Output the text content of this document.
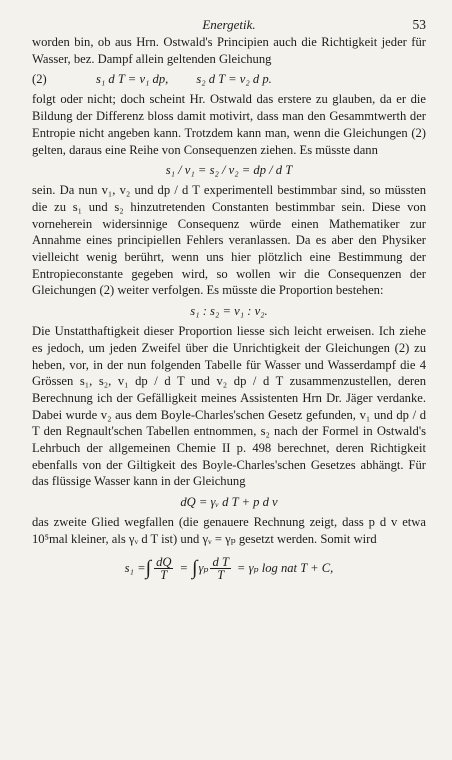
Energetik.	53

worden bin, ob aus Hrn. Ostwald's Principien auch die Richtigkeit jeder für Wasser, bez. Dampf allein geltenden Gleichung

(2)	s₁ d T = v₁ dp, s₂ d T = v₂ d p.

folgt oder nicht; doch scheint Hr. Ostwald das erstere zu glauben, da er die Bildung der Differenz bloss damit motivirt, dass man den Gesammtwerth der Entropie nicht angeben kann. Trotzdem kann man, wenn die Gleichungen (2) gelten, daraus eine Reihe von Consequenzen ziehen. Es müsste dann

s₁ / v₁ = s₂ / v₂ = dp / d T

sein. Da nun v₁, v₂ und dp / d T experimentell bestimmbar sind, so müssten die zu s₁ und s₂ hinzutretenden Constanten bestimmbar sein. Diese von vorneherein widersinnige Consequenz würde einen Mathematiker zur Annahme eines principiellen Fehlers veranlassen. Da es aber den Physiker vielleicht wenig berührt, wenn uns hier plötzlich eine Bestimmung der Entropieconstante gegeben wird, so wollen wir die Consequenzen der Gleichungen (2) weiter verfolgen. Es müsste die Proportion bestehen:

s₁ : s₂ = v₁ : v₂.

Die Unstatthaftigkeit dieser Proportion liesse sich leicht erweisen. Ich ziehe es jedoch, um jeden Zweifel über die Unrichtigkeit der Gleichungen (2) zu heben, vor, in der nun folgenden Tabelle für Wasser und Wasserdampf die 4 Grössen s₁, s₂, v₁ dp / d T und v₂ dp / d T zusammenzustellen, deren Berechnung ich der Gefälligkeit meines Assistenten Hrn Dr. Jäger verdanke. Dabei wurde v₂ aus dem Boyle-Charles'schen Gesetz gefunden, v₁ und dp / d T den Regnault'schen Tabellen entnommen, s₂ nach der Formel in Ostwald's Lehrbuch der allgemeinen Chemie II p. 498 berechnet, deren Richtigkeit ebenfalls von der Giltigkeit des Boyle-Charles'schen Gesetzes abhängt. Für das flüssige Wasser kann in der Gleichung

dQ = γᵥ d T + p d v

das zweite Glied wegfallen (die genauere Rechnung zeigt, dass p d v etwa 10⁵mal kleiner, als γᵥ d T ist) und γᵥ = γₚ gesetzt werden. Somit wird

s₁ = ∫ $\frac{dQ}{T}$ = ∫ γₚ $\frac{\text{d T}}{T} = \gamma_p$ log nat T + C,
